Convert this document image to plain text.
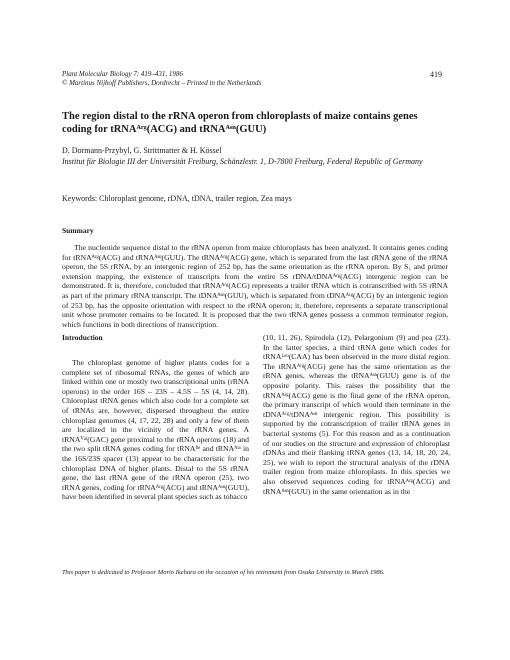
Plant Molecular Biology 7: 419–431, 1986
© Martinus Nijhoff Publishers, Dordrecht – Printed in the Netherlands
419
The region distal to the rRNA operon from chloroplasts of maize contains genes coding for tRNAᴬʳᵍ(ACG) and tRNAᴬˢⁿ(GUU)
D. Dormann-Przybyl, G. Strittmatter & H. Kössel
Institut für Biologie III der Universität Freiburg, Schänzlestr. 1, D-7800 Freiburg, Federal Republic of Germany
Keywords: Chloroplast genome, rDNA, tDNA, trailer region, Zea mays
Summary

The nucleotide sequence distal to the rRNA operon from maize chloroplasts has been analyzed. It contains genes coding for tRNAᴬʳᵍ(ACG) and tRNAᴬˢⁿ(GUU). The tRNAᴬʳᵍ(ACG) gene, which is separated from the last rRNA gene of the rRNA operon, the 5S rRNA, by an intergenic region of 252 bp, has the same orientation as the rRNA operon. By S₁ and primer extension mapping, the existence of transcripts from the entire 5S rDNA/tDNAᴬʳᵍ(ACG) intergenic region can be demonstrated. It is, therefore, concluded that tRNAᴬʳᵍ(ACG) represents a trailer tRNA which is cotranscribed with 5S rRNA as part of the primary rRNA transcript. The tDNAᴬˢⁿ(GUU), which is separated from tDNAᴬʳᵍ(ACG) by an intergenic region of 253 bp, has the opposite orientation with respect to the rRNA operon; it, therefore, represents a separate transcriptional unit whose promoter remains to be located. It is proposed that the two tRNA genes possess a common terminator region, which functions in both directions of transcription.

Introduction

The chloroplast genome of higher plants codes for a complete set of ribosomal RNAs, the genes of which are linked within one or mostly two transcriptional units (rRNA operons) in the order 16S – 23S – 4.5S – 5S (4, 14, 28). Chloroplast tRNA genes which also code for a complete set of tRNAs are, however, dispersed throughout the entire chloroplast genomes (4, 17, 22, 28) and only a few of them are localized in the vicinity of the rRNA genes. A tRNAⱽᵃˡ(GAC) gene proximal to the rRNA operons (18) and the two split tRNA genes coding for tRNAᴵˡᵉ and tRNAᴬˡᵃ in the 16S/23S spacer (13) appear to be characteristic for the chloroplast DNA of higher plants. Distal to the 5S rRNA gene, the last rRNA gene of the rRNA operon (25), two tRNA genes, coding for tRNAᴬʳᵍ(ACG) and tRNAᴬˢⁿ(GUU), have been identified in several plant species such as tobacco

(10, 11, 26), Spirodela (12), Pelargonium (9) and pea (23). In the latter species, a third tRNA gene which codes for tRNAᴸᵉᵘ(CAA) has been observed in the more distal region. The tRNAᴬʳᵍ(ACG) gene has the same orientation as the rRNA genes, whereas the tRNAᴬˢⁿ(GUU) gene is of the opposite polarity. This raises the possibility that the tRNAᴬʳᵍ(ACG) gene is the final gene of the rRNA operon, the primary transcript of which would then terminate in the tDNAᴬʳᵍ/tDNAᴬˢⁿ intergenic region. This possibility is supported by the cotranscription of trailer tRNA genes in bacterial systems (5). For this reason and as a continuation of our studies on the structure and expression of chloroplast rDNAs and their flanking tRNA genes (13, 14, 18, 20, 24, 25), we wish to report the structural analysis of the rDNA trailer region from maize chloroplasts. In this species we also observed sequences coding for tRNAᴬʳᵍ(ACG) and tRNAᴬˢⁿ(GUU) in the same orientation as in the

This paper is dedicated to Professor Morio Ikehara on the occasion of his retirement from Osaka University in March 1986.
